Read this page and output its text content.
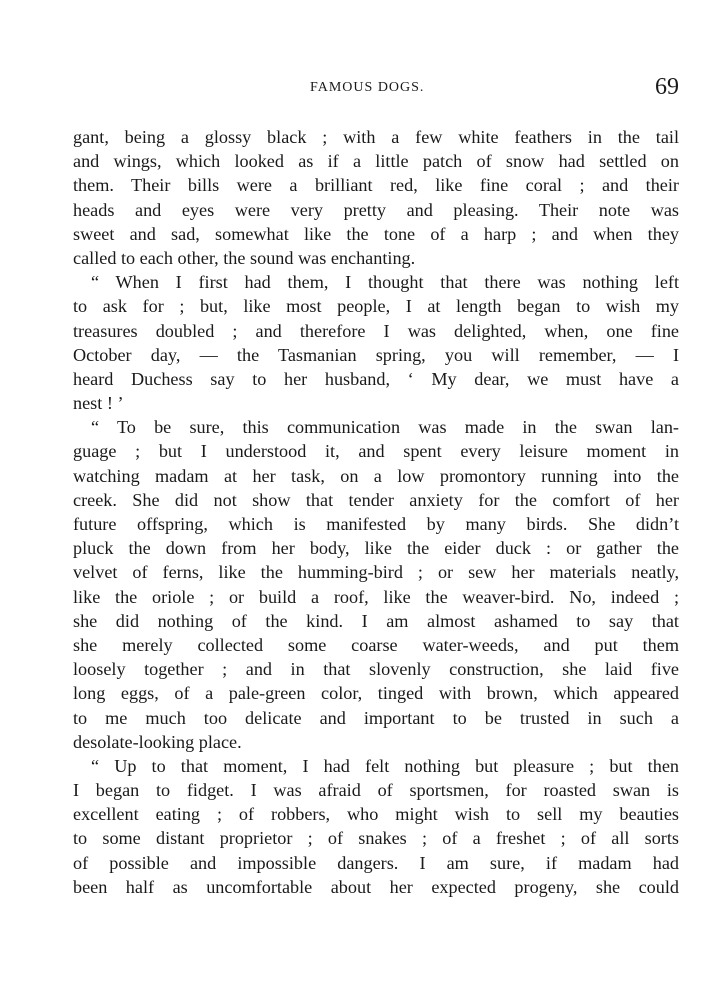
FAMOUS DOGS.	69
gant, being a glossy black ; with a few white feathers in the tail
and wings, which looked as if a little patch of snow had settled on
them. Their bills were a brilliant red, like fine coral ; and their
heads and eyes were very pretty and pleasing. Their note was
sweet and sad, somewhat like the tone of a harp ; and when they
called to each other, the sound was enchanting.
“ When I first had them, I thought that there was nothing left
to ask for ; but, like most people, I at length began to wish my
treasures doubled ; and therefore I was delighted, when, one fine
October day, — the Tasmanian spring, you will remember, — I
heard Duchess say to her husband, ‘ My dear, we must have a
nest ! ’
“ To be sure, this communication was made in the swan lan-
guage ; but I understood it, and spent every leisure moment in
watching madam at her task, on a low promontory running into the
creek. She did not show that tender anxiety for the comfort of her
future offspring, which is manifested by many birds. She didn’t
pluck the down from her body, like the eider duck : or gather the
velvet of ferns, like the humming-bird ; or sew her materials neatly,
like the oriole ; or build a roof, like the weaver-bird. No, indeed ;
she did nothing of the kind. I am almost ashamed to say that
she merely collected some coarse water-weeds, and put them
loosely together ; and in that slovenly construction, she laid five
long eggs, of a pale-green color, tinged with brown, which appeared
to me much too delicate and important to be trusted in such a
desolate-looking place.
“ Up to that moment, I had felt nothing but pleasure ; but then
I began to fidget. I was afraid of sportsmen, for roasted swan is
excellent eating ; of robbers, who might wish to sell my beauties
to some distant proprietor ; of snakes ; of a freshet ; of all sorts
of possible and impossible dangers. I am sure, if madam had
been half as uncomfortable about her expected progeny, she could
